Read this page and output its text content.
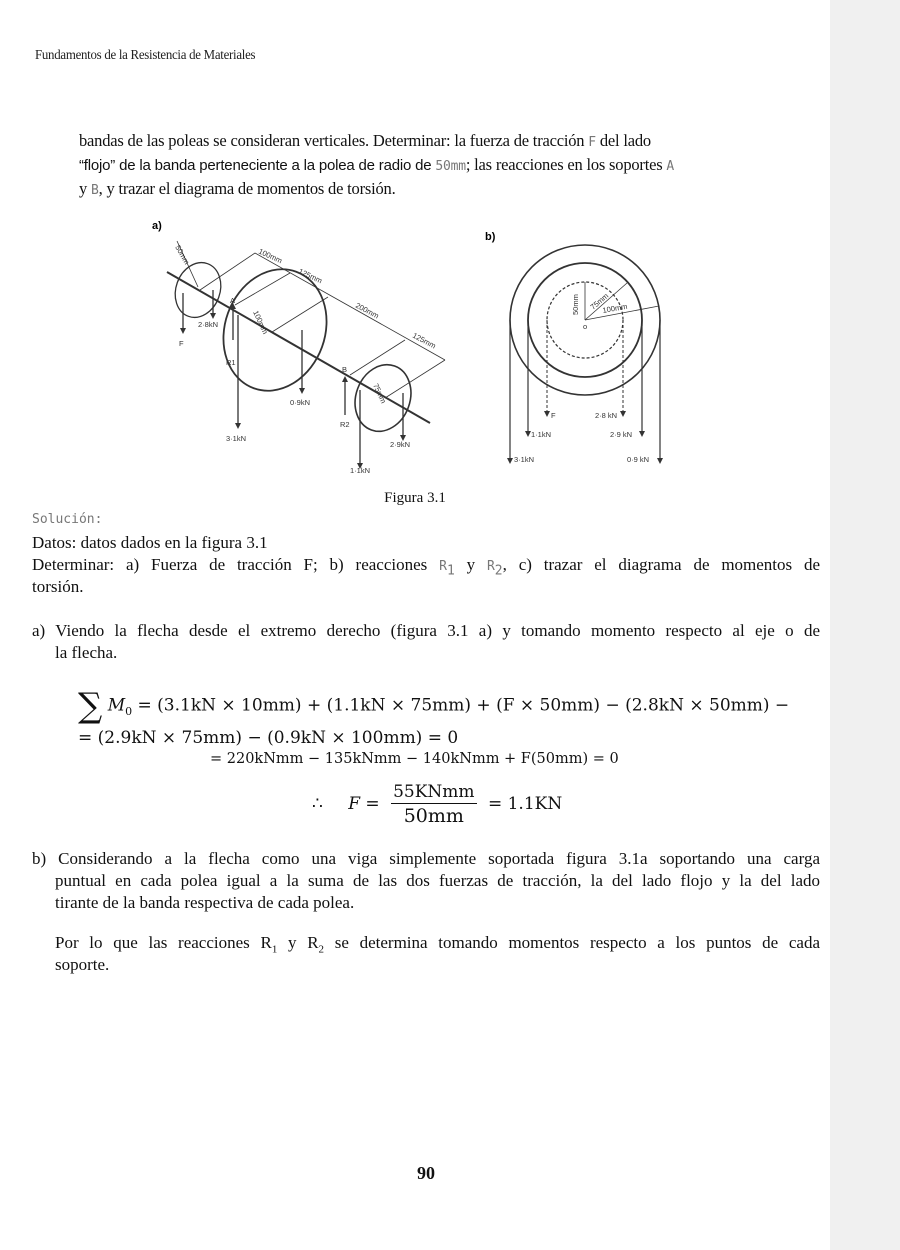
Fundamentos de la Resistencia de Materiales
bandas de las poleas se consideran verticales. Determinar: la fuerza de tracción F del lado
“flojo” de la banda perteneciente a la polea de radio de 50mm; las reacciones en los soportes A
y B, y trazar el diagrama de momentos de torsión.
a)
50mm	100mm
125mm
200mm
125mm
100mm
75mm
F
2·8kN
R1
A
3·1kN
0·9kN
B
R2
2·9kN
1·1kN
b)
o
50mm 75mm
100mm
F	2·8 kN
1·1kN	2·9 kN
3·1kN	0·9 kN
Figura 3.1
Solución:
Datos: datos dados en la figura 3.1
Determinar: a) Fuerza de tracción F; b) reacciones $R_1$ y $R_2$, c) trazar el diagrama de momentos de
torsión.
a) Viendo la flecha desde el extremo derecho (figura 3.1 a) y tomando momento respecto al eje o de
la flecha.
∑ $M_0 = (3.1kN \times 10mm) + (1.1kN \times 75mm) + (F \times 50mm) - (2.8kN \times 50mm)$ −
= (2.9kN × 75mm) − (0.9kN × 100mm) = 0
= 220kNmm − 135kNmm − 140kNmm + F(50mm) = 0
∴ $F = \frac{\text{55KNmm}}{50mm} = 1.1KN$
b) Considerando a la flecha como una viga simplemente soportada figura 3.1a soportando una carga
puntual en cada polea igual a la suma de las dos fuerzas de tracción, la del lado flojo y la del lado
tirante de la banda respectiva de cada polea.
Por lo que las reacciones $R_1$ y $R_2$ se determina tomando momentos respecto a los puntos de cada
soporte.
90
